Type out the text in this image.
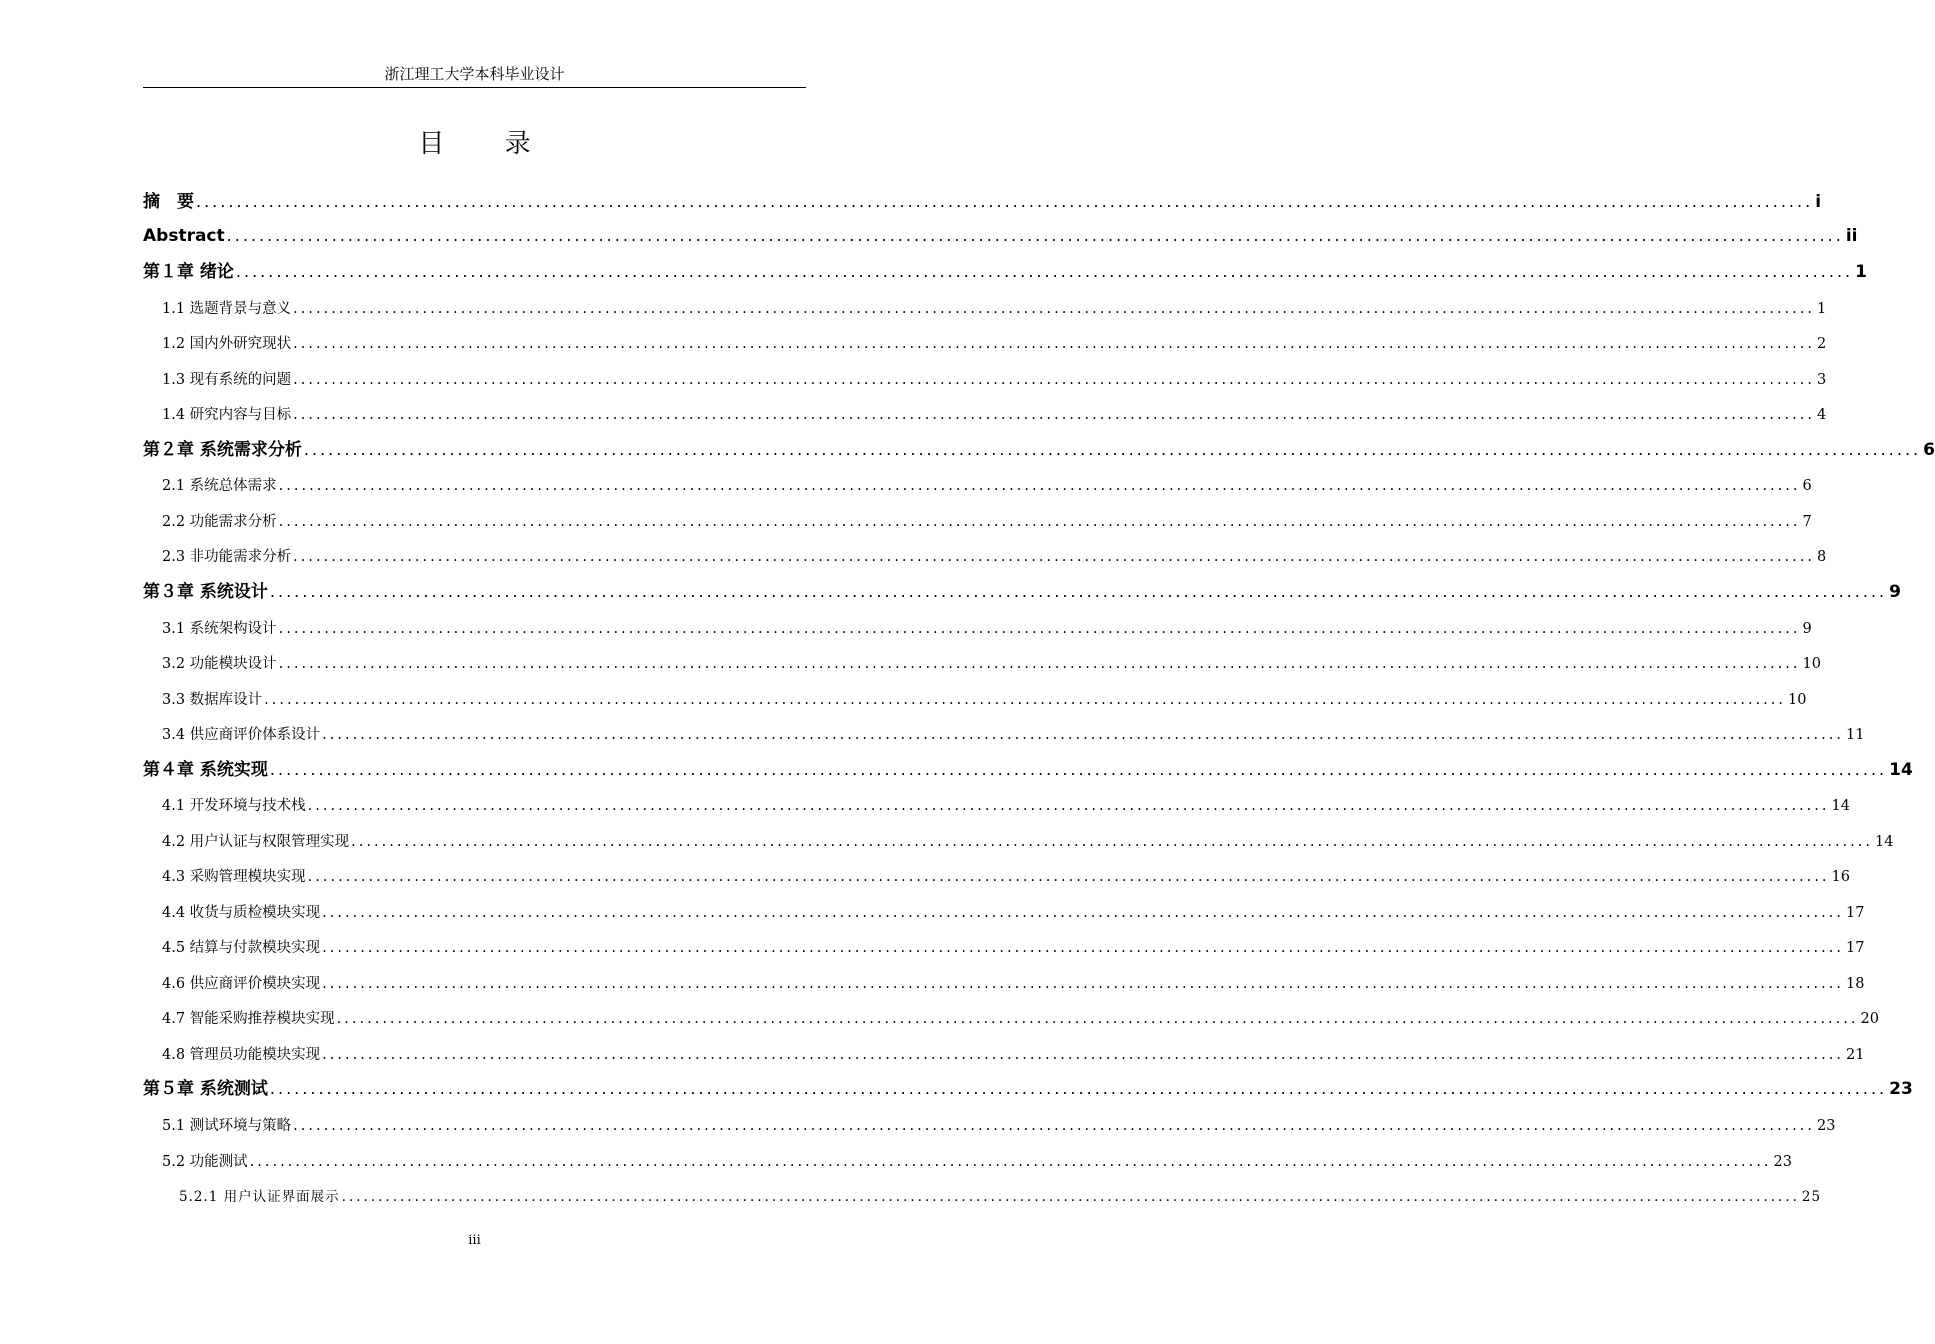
浙江理工大学本科毕业设计
目 录
摘　要 ........................................................................................................................................................................................................ i
Abstract ........................................................................................................................................................................................................ ii
第１章 绪论 ........................................................................................................................................................................................................ 1
1.1 选题背景与意义 ........................................................................................................................................................................................................ 1
1.2 国内外研究现状 ........................................................................................................................................................................................................ 2
1.3 现有系统的问题 ........................................................................................................................................................................................................ 3
1.4 研究内容与目标 ........................................................................................................................................................................................................ 4
第２章 系统需求分析 ........................................................................................................................................................................................................ 6
2.1 系统总体需求 ........................................................................................................................................................................................................ 6
2.2 功能需求分析 ........................................................................................................................................................................................................ 7
2.3 非功能需求分析 ........................................................................................................................................................................................................ 8
第３章 系统设计 ........................................................................................................................................................................................................ 9
3.1 系统架构设计 ........................................................................................................................................................................................................ 9
3.2 功能模块设计 ........................................................................................................................................................................................................ 10
3.3 数据库设计 ........................................................................................................................................................................................................ 10
3.4 供应商评价体系设计 ........................................................................................................................................................................................................ 11
第４章 系统实现 ........................................................................................................................................................................................................ 14
4.1 开发环境与技术栈 ........................................................................................................................................................................................................ 14
4.2 用户认证与权限管理实现 ........................................................................................................................................................................................................ 14
4.3 采购管理模块实现 ........................................................................................................................................................................................................ 16
4.4 收货与质检模块实现 ........................................................................................................................................................................................................ 17
4.5 结算与付款模块实现 ........................................................................................................................................................................................................ 17
4.6 供应商评价模块实现 ........................................................................................................................................................................................................ 18
4.7 智能采购推荐模块实现 ........................................................................................................................................................................................................ 20
4.8 管理员功能模块实现 ........................................................................................................................................................................................................ 21
第５章 系统测试 ........................................................................................................................................................................................................ 23
5.1 测试环境与策略 ........................................................................................................................................................................................................ 23
5.2 功能测试 ........................................................................................................................................................................................................ 23
5.2.1 用户认证界面展示 ........................................................................................................................................................................................................ 25
iii
